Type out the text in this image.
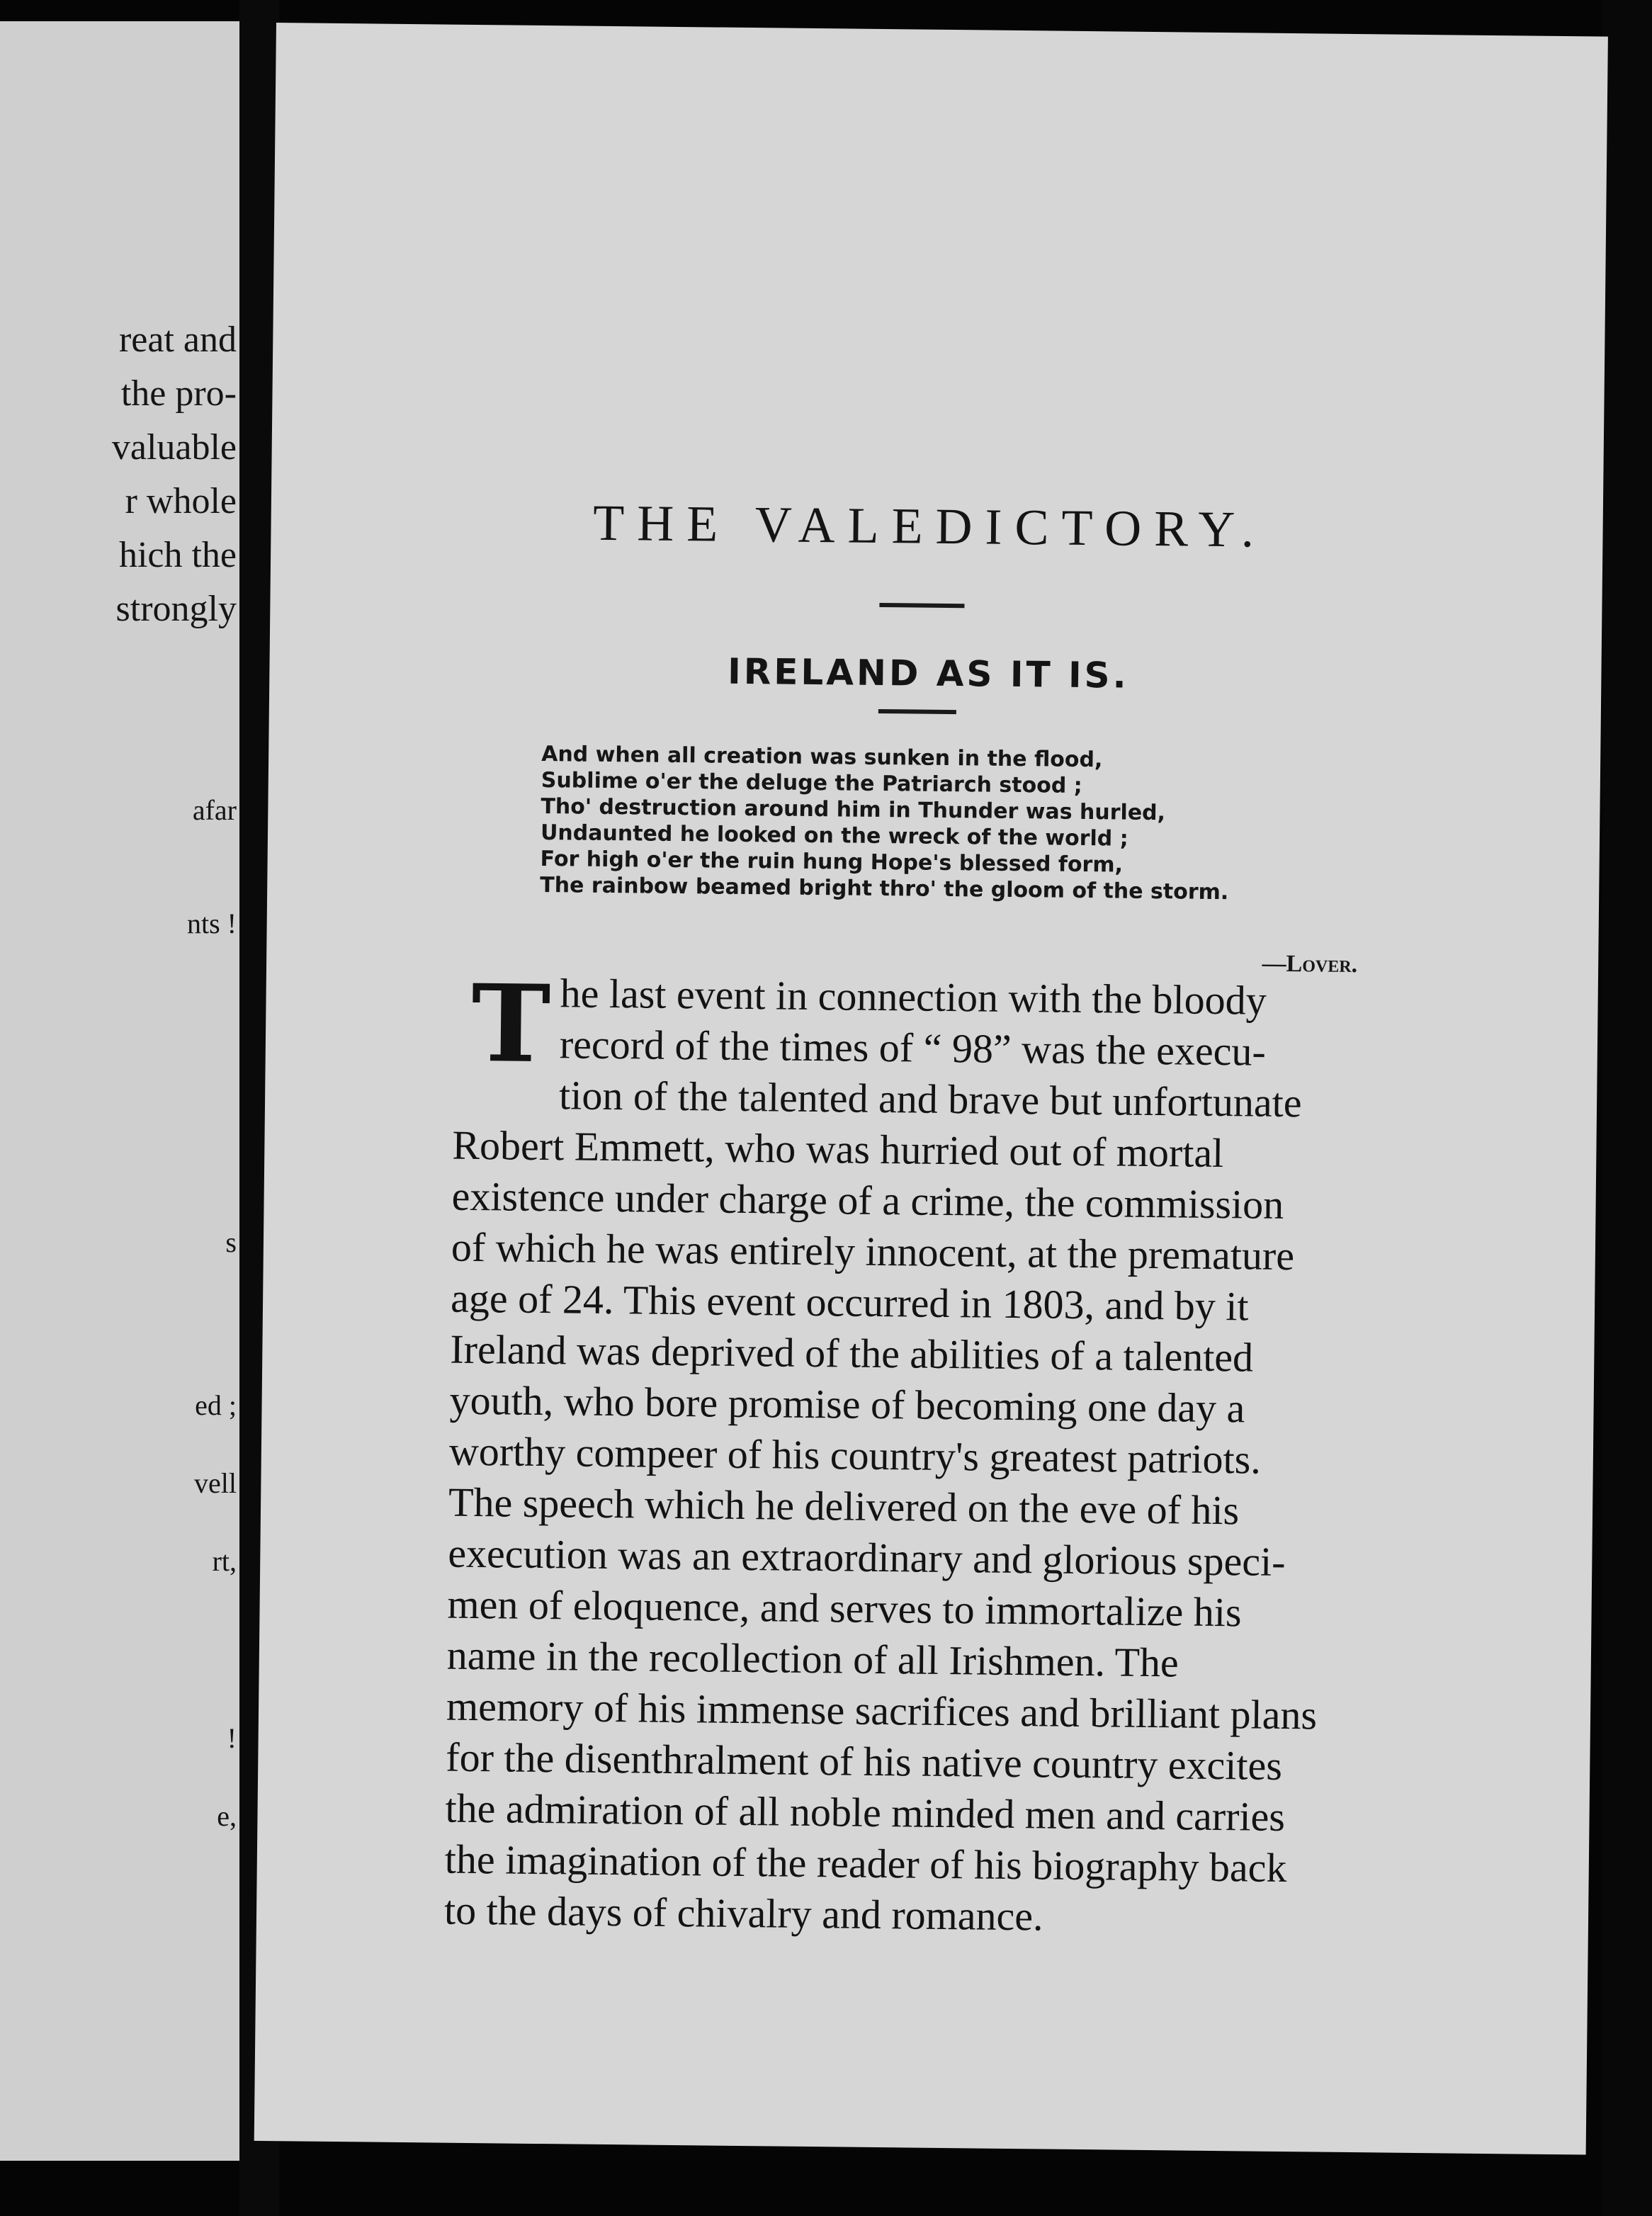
reat and
the pro-
valuable
r whole
hich the
strongly
afar
nts !
s
ed ;
vell
rt,
!
e,
THE VALEDICTORY.
IRELAND AS IT IS.
And when all creation was sunken in the flood,
Sublime o'er the deluge the Patriarch stood ;
Tho' destruction around him in Thunder was hurled,
Undaunted he looked on the wreck of the world ;
For high o'er the ruin hung Hope's blessed form,
The rainbow beamed bright thro' the gloom of the storm.
—Lover.
he last event in connection with the bloody
record of the times of “ 98” was the execu-
tion of the talented and brave but unfortunate
Robert Emmett, who was hurried out of mortal
existence under charge of a crime, the commission
of which he was entirely innocent, at the premature
age of 24. This event occurred in 1803, and by it
Ireland was deprived of the abilities of a talented
youth, who bore promise of becoming one day a
worthy compeer of his country's greatest patriots.
The speech which he delivered on the eve of his
execution was an extraordinary and glorious speci-
men of eloquence, and serves to immortalize his
name in the recollection of all Irishmen. The
memory of his immense sacrifices and brilliant plans
for the disenthralment of his native country excites
the admiration of all noble minded men and carries
the imagination of the reader of his biography back
to the days of chivalry and romance.
T
